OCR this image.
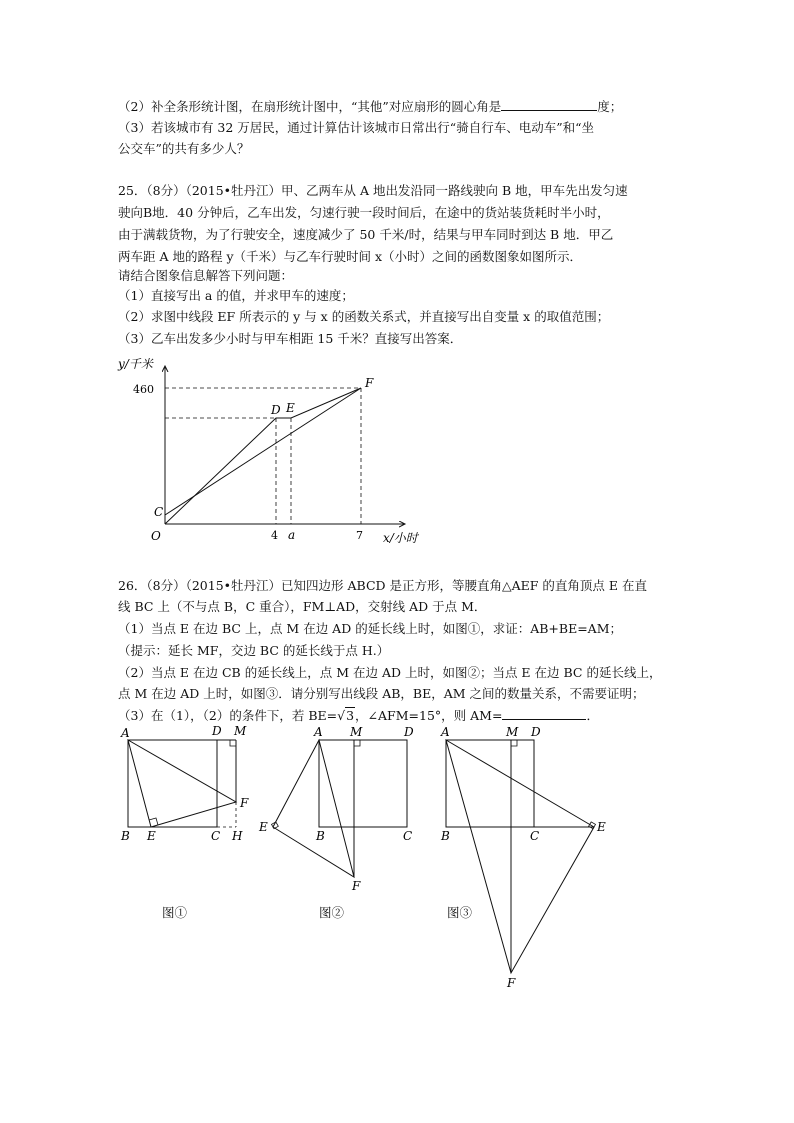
（2）补全条形统计图，在扇形统计图中，“其他”对应扇形的圆心角是	度；
（3）若该城市有 32 万居民，通过计算估计该城市日常出行“骑自行车、电动车”和“坐
公交车”的共有多少人？
25．（8分）（2015•牡丹江）甲、乙两车从 A 地出发沿同一路线驶向 B 地，甲车先出发匀速
驶向B地．40 分钟后，乙车出发，匀速行驶一段时间后，在途中的货站装货耗时半小时，
由于满载货物，为了行驶安全，速度减少了 50 千米/时，结果与甲车同时到达 B 地．甲乙
两车距 A 地的路程 y（千米）与乙车行驶时间 x（小时）之间的函数图象如图所示．
请结合图象信息解答下列问题：
（1）直接写出 a 的值，并求甲车的速度；
（2）求图中线段 EF 所表示的 y 与 x 的函数关系式，并直接写出自变量 x 的取值范围；
（3）乙车出发多少小时与甲车相距 15 千米？直接写出答案．
y/千米
x/小时
O
460
4 a	7
C
D E
F
26．（8分）（2015•牡丹江）已知四边形 ABCD 是正方形，等腰直角△AEF 的直角顶点 E 在直
线 BC 上（不与点 B，C 重合），FM⊥AD，交射线 AD 于点 M．
（1）当点 E 在边 BC 上，点 M 在边 AD 的延长线上时，如图①，求证：AB+BE=AM；
（提示：延长 MF，交边 BC 的延长线于点 H.）
（2）当点 E 在边 CB 的延长线上，点 M 在边 AD 上时，如图②；当点 E 在边 BC 的延长线上，
点 M 在边 AD 上时，如图③．请分别写出线段 AB，BE，AM 之间的数量关系，不需要证明；
（3）在（1），（2）的条件下，若 BE=√3，∠AFM=15°，则 AM=	．
A	D M
F
B E	C H
A M	D
E
B	C
F
A	M D
B	C
E
F
图①	图②	图③
